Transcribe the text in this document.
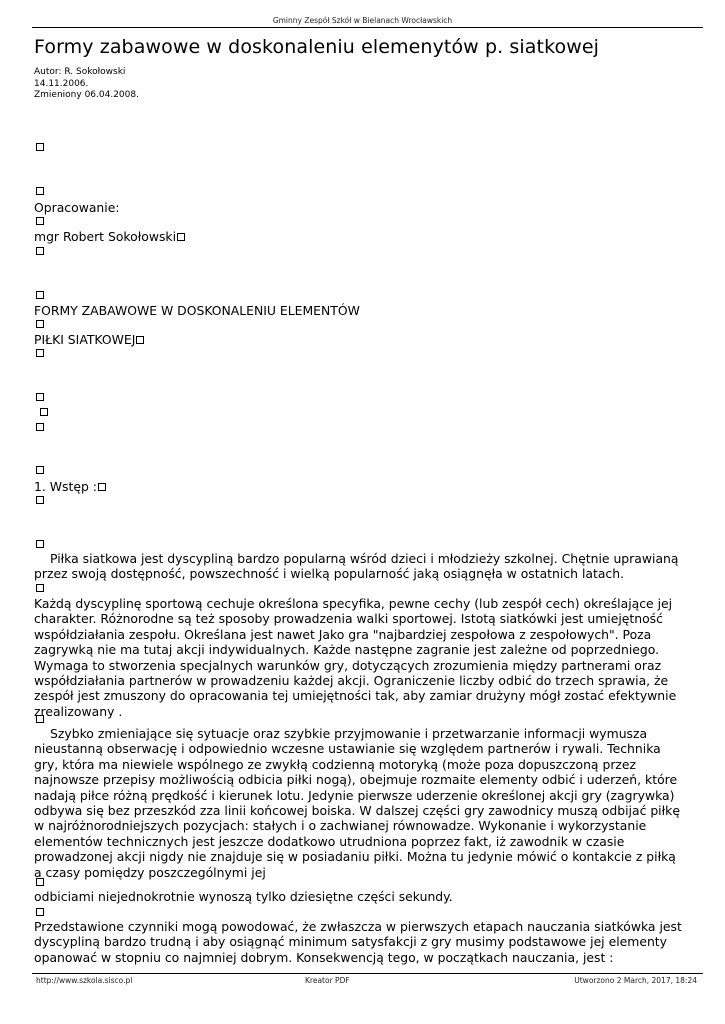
Gminny Zespół Szkół w Bielanach Wrocławskich
Formy zabawowe w doskonaleniu elemenytów p. siatkowej
Autor: R. Sokołowski
14.11.2006.
Zmieniony 06.04.2008.
Opracowanie:
mgr Robert Sokołowski
FORMY ZABAWOWE W DOSKONALENIU ELEMENTÓW
PIŁKI SIATKOWEJ
1. Wstęp :

Piłka siatkowa jest dyscypliną bardzo popularną wśród dzieci i młodzieży szkolnej. Chętnie uprawianą przez swoją dostępność, powszechność i wielką popularność jaką osiągnęła w ostatnich latach.

Każdą dyscyplinę sportową cechuje określona specyfika, pewne cechy (lub zespół cech) określające jej charakter. Różnorodne są też sposoby prowadzenia walki sportowej. Istotą siatkówki jest umiejętność współdziałania zespołu. Określana jest nawet Jako gra "najbardziej zespołowa z zespołowych". Poza zagrywką nie ma tutaj akcji indywidualnych. Każde następne zagranie jest zależne od poprzedniego. Wymaga to stworzenia specjalnych warunków gry, dotyczących zrozumienia między partnerami oraz współdziałania partnerów w prowadzeniu każdej akcji. Ograniczenie liczby odbić do trzech sprawia, że zespół jest zmuszony do opracowania tej umiejętności tak, aby zamiar drużyny mógł zostać efektywnie zrealizowany .

Szybko zmieniające się sytuacje oraz szybkie przyjmowanie i przetwarzanie informacji wymusza nieustanną obserwację i odpowiednio wczesne ustawianie się względem partnerów i rywali. Technika gry, która ma niewiele wspólnego ze zwykłą codzienną motoryką (może poza dopuszczoną przez najnowsze przepisy możliwością odbicia piłki nogą), obejmuje rozmaite elementy odbić i uderzeń, które nadają piłce różną prędkość i kierunek lotu. Jedynie pierwsze uderzenie określonej akcji gry (zagrywka) odbywa się bez przeszkód zza linii końcowej boiska. W dalszej części gry zawodnicy muszą odbijać piłkę w najróżnorodniejszych pozycjach: stałych i o zachwianej równowadze. Wykonanie i wykorzystanie elementów technicznych jest jeszcze dodatkowo utrudniona poprzez fakt, iż zawodnik w czasie prowadzonej akcji nigdy nie znajduje się w posiadaniu piłki. Można tu jedynie mówić o kontakcie z piłką a czasy pomiędzy poszczególnymi jej

odbiciami niejednokrotnie wynoszą tylko dziesiętne części sekundy.

Przedstawione czynniki mogą powodować, że zwłaszcza w pierwszych etapach nauczania siatkówka jest dyscypliną bardzo trudną i aby osiągnąć minimum satysfakcji z gry musimy podstawowe jej elementy opanować w stopniu co najmniej dobrym. Konsekwencją tego, w początkach nauczania, jest :

http://www.szkola.sisco.pl	Kreator PDF	Utworzono 2 March, 2017, 18:24
